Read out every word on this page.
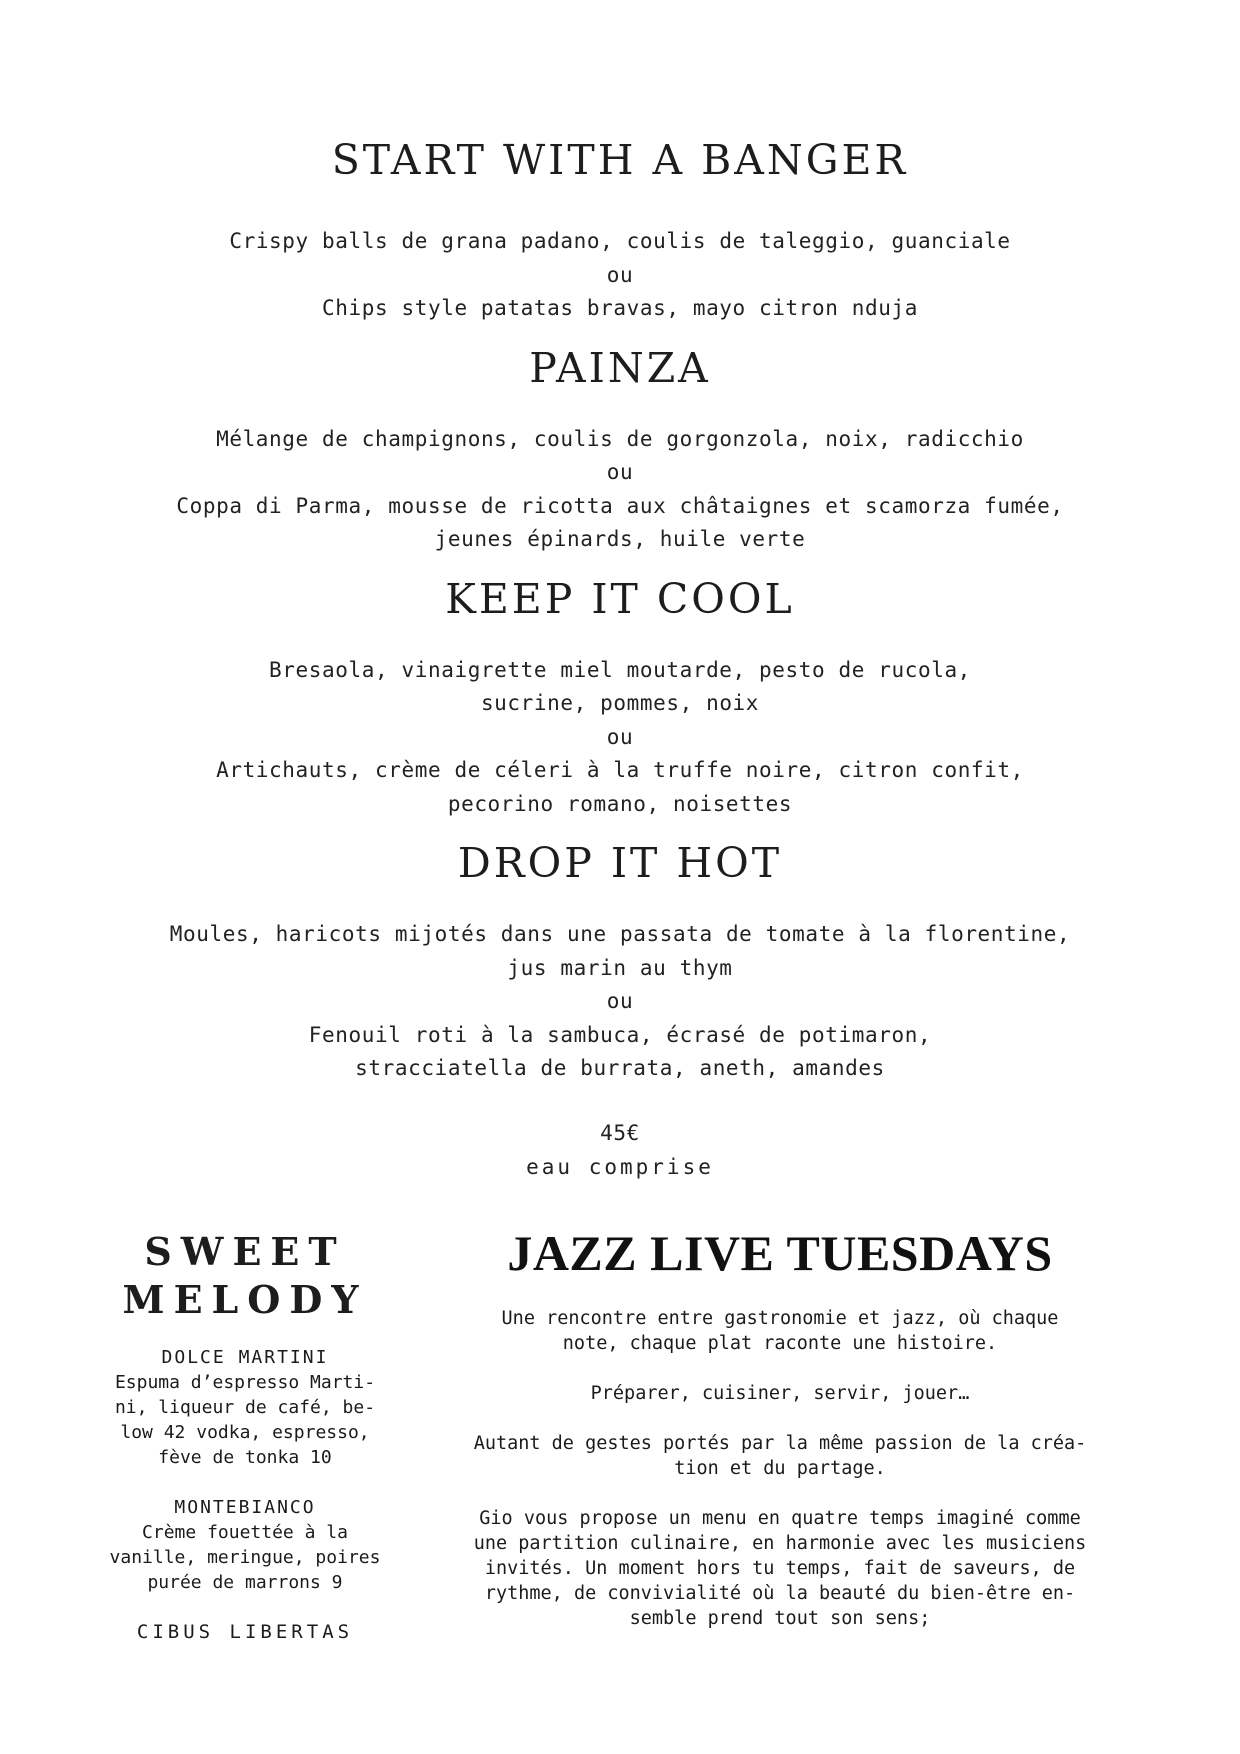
START WITH A BANGER
Crispy balls de grana padano, coulis de taleggio, guanciale
ou
Chips style patatas bravas, mayo citron nduja
PAINZA
Mélange de champignons, coulis de gorgonzola, noix, radicchio
ou
Coppa di Parma, mousse de ricotta aux châtaignes et scamorza fumée,
jeunes épinards, huile verte
KEEP IT COOL
Bresaola, vinaigrette miel moutarde, pesto de rucola,
sucrine, pommes, noix
ou
Artichauts, crème de céleri à la truffe noire, citron confit,
pecorino romano, noisettes
DROP IT HOT
Moules, haricots mijotés dans une passata de tomate à la florentine,
jus marin au thym
ou
Fenouil roti à la sambuca, écrasé de potimaron,
stracciatella de burrata, aneth, amandes
45€
eau comprise
SWEET
MELODY
DOLCE MARTINI
Espuma d’espresso Marti-
ni, liqueur de café, be-
low 42 vodka, espresso,
fève de tonka 10
MONTEBIANCO
Crème fouettée à la
vanille, meringue, poires
purée de marrons 9
CIBUS LIBERTAS
JAZZ LIVE TUESDAYS
Une rencontre entre gastronomie et jazz, où chaque
note, chaque plat raconte une histoire.
Préparer, cuisiner, servir, jouer…
Autant de gestes portés par la même passion de la créa-
tion et du partage.
Gio vous propose un menu en quatre temps imaginé comme
une partition culinaire, en harmonie avec les musiciens
invités. Un moment hors tu temps, fait de saveurs, de
rythme, de convivialité où la beauté du bien-être en-
semble prend tout son sens;
